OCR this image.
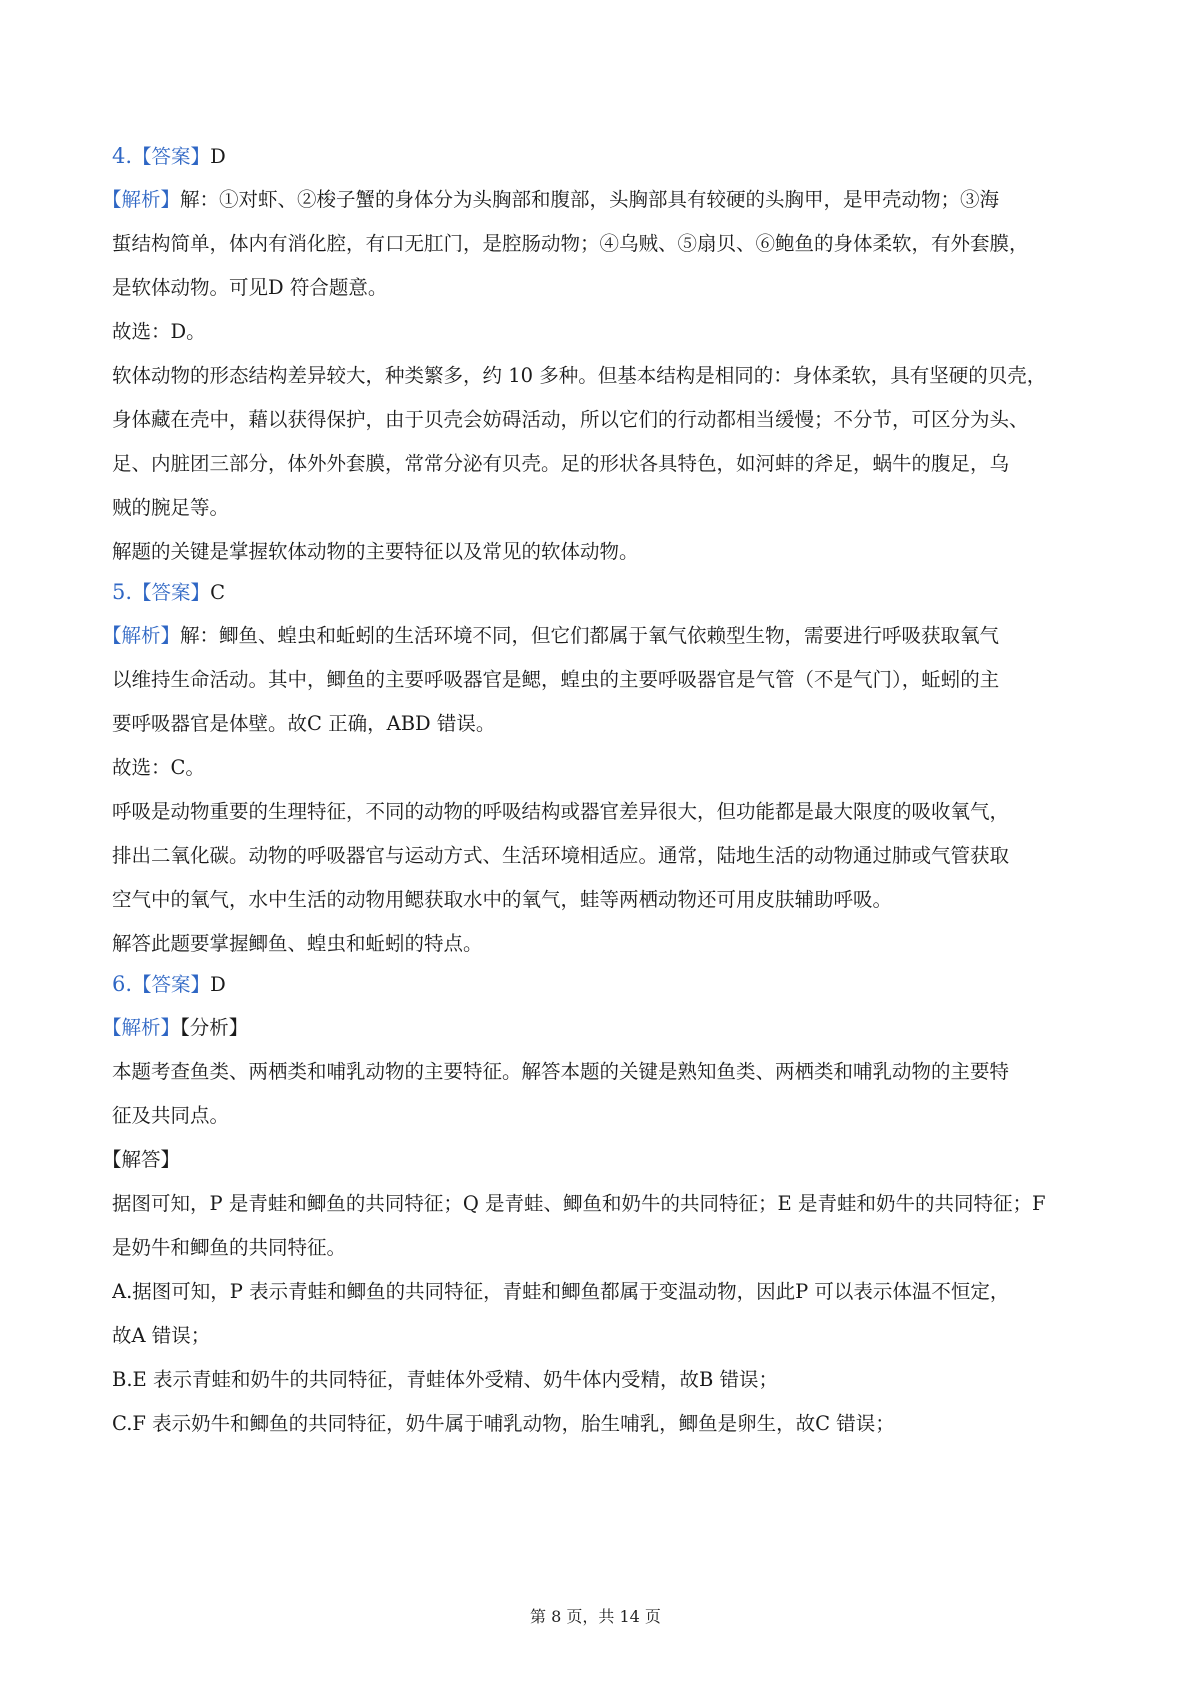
4.【答案】D
【解析】解：①对虾、②梭子蟹的身体分为头胸部和腹部，头胸部具有较硬的头胸甲，是甲壳动物；③海
蜇结构简单，体内有消化腔，有口无肛门，是腔肠动物；④乌贼、⑤扇贝、⑥鲍鱼的身体柔软，有外套膜，
是软体动物。可见D 符合题意。
故选：D。
软体动物的形态结构差异较大，种类繁多，约 10 多种。但基本结构是相同的：身体柔软，具有坚硬的贝壳，
身体藏在壳中，藉以获得保护，由于贝壳会妨碍活动，所以它们的行动都相当缓慢；不分节，可区分为头、
足、内脏团三部分，体外外套膜，常常分泌有贝壳。足的形状各具特色，如河蚌的斧足，蜗牛的腹足，乌
贼的腕足等。
解题的关键是掌握软体动物的主要特征以及常见的软体动物。
5.【答案】C
【解析】解：鲫鱼、蝗虫和蚯蚓的生活环境不同，但它们都属于氧气依赖型生物，需要进行呼吸获取氧气
以维持生命活动。其中，鲫鱼的主要呼吸器官是鳃，蝗虫的主要呼吸器官是气管（不是气门），蚯蚓的主
要呼吸器官是体壁。故C 正确，ABD 错误。
故选：C。
呼吸是动物重要的生理特征，不同的动物的呼吸结构或器官差异很大，但功能都是最大限度的吸收氧气，
排出二氧化碳。动物的呼吸器官与运动方式、生活环境相适应。通常，陆地生活的动物通过肺或气管获取
空气中的氧气，水中生活的动物用鳃获取水中的氧气，蛙等两栖动物还可用皮肤辅助呼吸。
解答此题要掌握鲫鱼、蝗虫和蚯蚓的特点。
6.【答案】D
【解析】【分析】
本题考查鱼类、两栖类和哺乳动物的主要特征。解答本题的关键是熟知鱼类、两栖类和哺乳动物的主要特
征及共同点。
【解答】
据图可知，P 是青蛙和鲫鱼的共同特征；Q 是青蛙、鲫鱼和奶牛的共同特征；E 是青蛙和奶牛的共同特征；F
是奶牛和鲫鱼的共同特征。
A.据图可知，P 表示青蛙和鲫鱼的共同特征，青蛙和鲫鱼都属于变温动物，因此P 可以表示体温不恒定，
故A 错误；
B.E 表示青蛙和奶牛的共同特征，青蛙体外受精、奶牛体内受精，故B 错误；
C.F 表示奶牛和鲫鱼的共同特征，奶牛属于哺乳动物，胎生哺乳，鲫鱼是卵生，故C 错误；
第 8 页，共 14 页
